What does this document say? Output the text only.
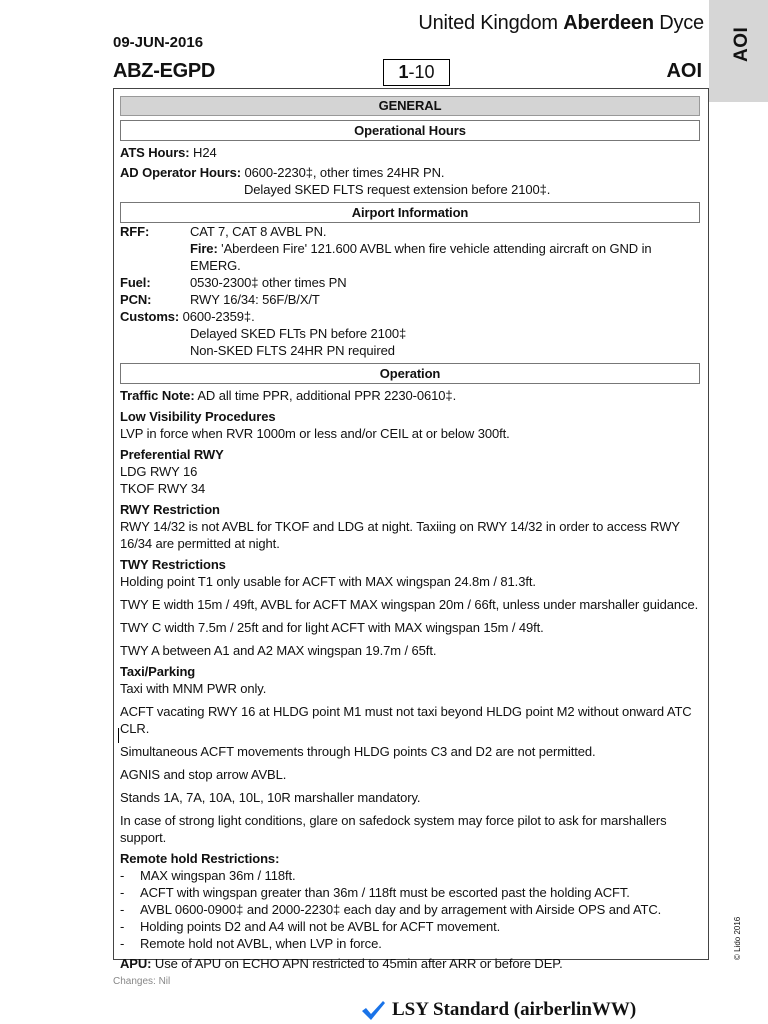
AOI
United Kingdom Aberdeen Dyce
09-JUN-2016
ABZ-EGPD	1-10	AOI
GENERAL
Operational Hours
ATS Hours: H24
AD Operator Hours: 0600-2230‡, other times 24HR PN.
Delayed SKED FLTS request extension before 2100‡.
Airport Information
RFF:	CAT 7, CAT 8 AVBL PN.
Fire: 'Aberdeen Fire' 121.600 AVBL when fire vehicle attending aircraft on GND in EMERG.
Fuel:	0530-2300‡ other times PN
PCN:	RWY 16/34: 56F/B/X/T
Customs: 0600-2359‡.
Delayed SKED FLTs PN before 2100‡
Non-SKED FLTS 24HR PN required
Operation
Traffic Note: AD all time PPR, additional PPR 2230-0610‡.
Low Visibility Procedures
LVP in force when RVR 1000m or less and/or CEIL at or below 300ft.
Preferential RWY
LDG RWY 16
TKOF RWY 34
RWY Restriction
RWY 14/32 is not AVBL for TKOF and LDG at night. Taxiing on RWY 14/32 in order to access RWY 16/34 are permitted at night.
TWY Restrictions
Holding point T1 only usable for ACFT with MAX wingspan 24.8m / 81.3ft.
TWY E width 15m / 49ft, AVBL for ACFT MAX wingspan 20m / 66ft, unless under marshaller guidance.
TWY C width 7.5m / 25ft and for light ACFT with MAX wingspan 15m / 49ft.
TWY A between A1 and A2 MAX wingspan 19.7m / 65ft.
Taxi/Parking
Taxi with MNM PWR only.
ACFT vacating RWY 16 at HLDG point M1 must not taxi beyond HLDG point M2 without onward ATC CLR.
Simultaneous ACFT movements through HLDG points C3 and D2 are not permitted.
AGNIS and stop arrow AVBL.
Stands 1A, 7A, 10A, 10L, 10R marshaller mandatory.
In case of strong light conditions, glare on safedock system may force pilot to ask for marshallers support.
Remote hold Restrictions:
-	MAX wingspan 36m / 118ft.
-	ACFT with wingspan greater than 36m / 118ft must be escorted past the holding ACFT.
-	AVBL 0600-0900‡ and 2000-2230‡ each day and by arragement with Airside OPS and ATC.
-	Holding points D2 and A4 will not be AVBL for ACFT movement.
-	Remote hold not AVBL, when LVP in force.
APU: Use of APU on ECHO APN restricted to 45min after ARR or before DEP.
© Lido 2016
Changes: Nil
LSY Standard (airberlinWW)
